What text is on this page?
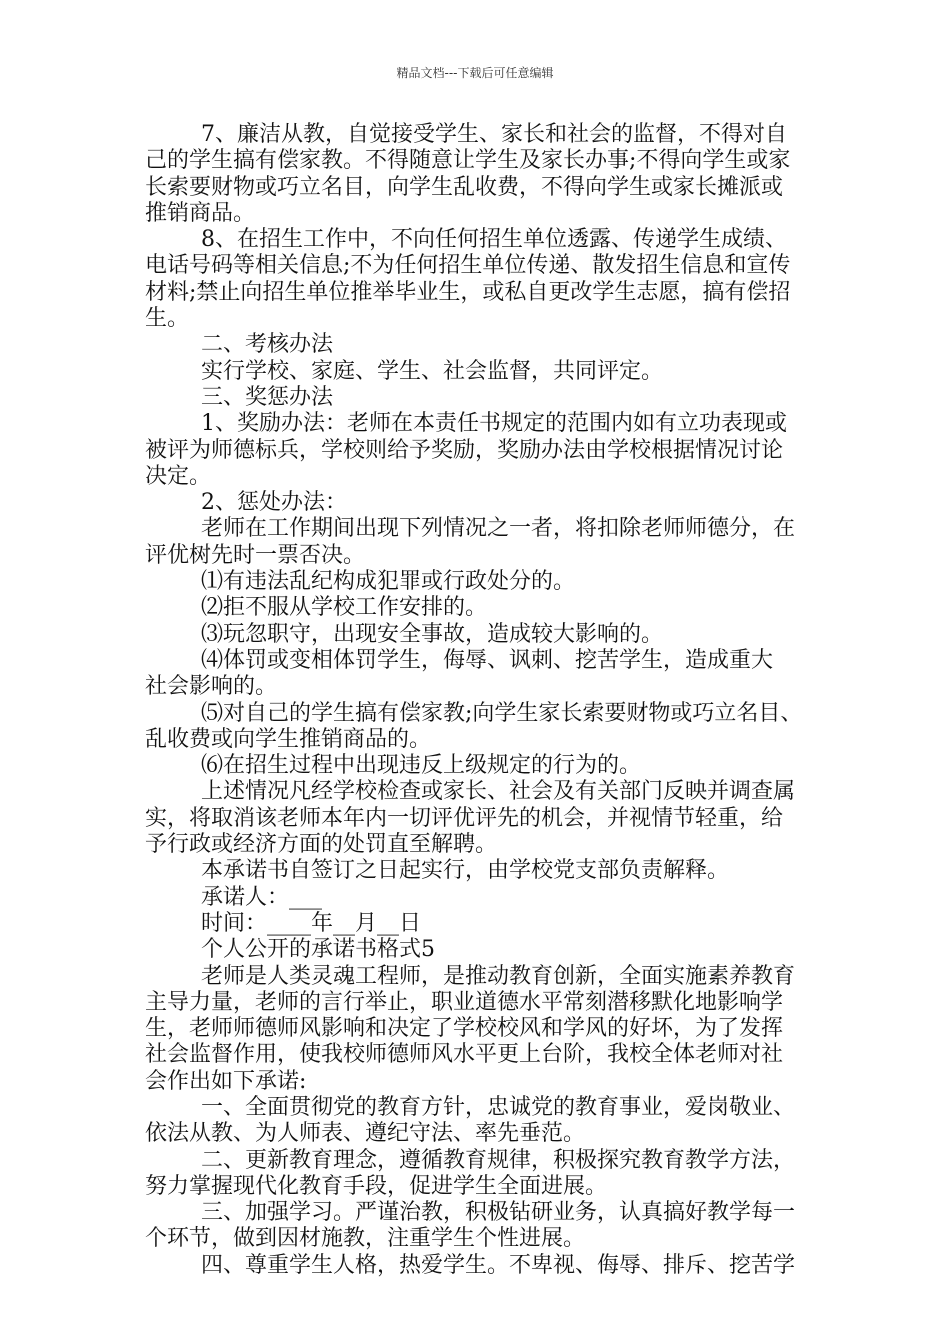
精品文档---下载后可任意编辑
7、廉洁从教，自觉接受学生、家长和社会的监督，不得对自
己的学生搞有偿家教。不得随意让学生及家长办事;不得向学生或家
长索要财物或巧立名目，向学生乱收费，不得向学生或家长摊派或
推销商品。
8、在招生工作中，不向任何招生单位透露、传递学生成绩、
电话号码等相关信息;不为任何招生单位传递、散发招生信息和宣传
材料;禁止向招生单位推举毕业生，或私自更改学生志愿，搞有偿招
生。
二、考核办法
实行学校、家庭、学生、社会监督，共同评定。
三、奖惩办法
1、奖励办法：老师在本责任书规定的范围内如有立功表现或
被评为师德标兵，学校则给予奖励，奖励办法由学校根据情况讨论
决定。
2、惩处办法：
老师在工作期间出现下列情况之一者，将扣除老师师德分，在
评优树先时一票否决。
⑴有违法乱纪构成犯罪或行政处分的。
⑵拒不服从学校工作安排的。
⑶玩忽职守，出现安全事故，造成较大影响的。
⑷体罚或变相体罚学生，侮辱、讽刺、挖苦学生，造成重大
社会影响的。
⑸对自己的学生搞有偿家教;向学生家长索要财物或巧立名目、
乱收费或向学生推销商品的。
⑹在招生过程中出现违反上级规定的行为的。
上述情况凡经学校检查或家长、社会及有关部门反映并调查属
实，将取消该老师本年内一切评优评先的机会，并视情节轻重，给
予行政或经济方面的处罚直至解聘。
本承诺书自签订之日起实行，由学校党支部负责解释。
承诺人：___
时间：____年__月__日
个人公开的承诺书格式5
老师是人类灵魂工程师，是推动教育创新，全面实施素养教育
主导力量，老师的言行举止，职业道德水平常刻潜移默化地影响学
生，老师师德师风影响和决定了学校校风和学风的好坏，为了发挥
社会监督作用，使我校师德师风水平更上台阶，我校全体老师对社
会作出如下承诺:
一、全面贯彻党的教育方针，忠诚党的教育事业，爱岗敬业、
依法从教、为人师表、遵纪守法、率先垂范。
二、更新教育理念，遵循教育规律，积极探究教育教学方法，
努力掌握现代化教育手段，促进学生全面进展。
三、加强学习。严谨治教，积极钻研业务，认真搞好教学每一
个环节，做到因材施教，注重学生个性进展。
四、尊重学生人格，热爱学生。不卑视、侮辱、排斥、挖苦学
